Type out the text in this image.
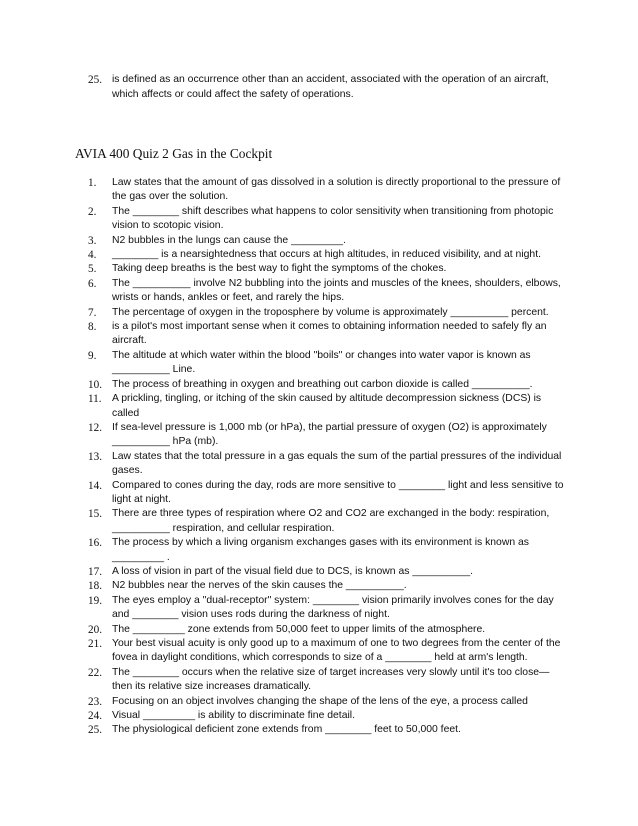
25. is defined as an occurrence other than an accident, associated with the operation of an aircraft, which affects or could affect the safety of operations.
AVIA 400 Quiz 2 Gas in the Cockpit
1.	Law states that the amount of gas dissolved in a solution is directly proportional to the pressure of the gas over the solution.
2.	The ________ shift describes what happens to color sensitivity when transitioning from photopic vision to scotopic vision.
3.	N2 bubbles in the lungs can cause the _________.
4.	________ is a nearsightedness that occurs at high altitudes, in reduced visibility, and at night.
5.	Taking deep breaths is the best way to fight the symptoms of the chokes.
6.	The __________ involve N2 bubbling into the joints and muscles of the knees, shoulders, elbows, wrists or hands, ankles or feet, and rarely the hips.
7.	The percentage of oxygen in the troposphere by volume is approximately __________ percent.
8.	is a pilot's most important sense when it comes to obtaining information needed to safely fly an aircraft.
9.	The altitude at which water within the blood "boils" or changes into water vapor is known as __________ Line.
10. The process of breathing in oxygen and breathing out carbon dioxide is called __________.
11.	A prickling, tingling, or itching of the skin caused by altitude decompression sickness (DCS) is called
12. If sea-level pressure is 1,000 mb (or hPa), the partial pressure of oxygen (O2) is approximately __________ hPa (mb).
13. Law states that the total pressure in a gas equals the sum of the partial pressures of the individual gases.
14. Compared to cones during the day, rods are more sensitive to ________ light and less sensitive to light at night.
15. There are three types of respiration where O2 and CO2 are exchanged in the body: respiration, __________ respiration, and cellular respiration.
16. The process by which a living organism exchanges gases with its environment is known as _________ .
17. A loss of vision in part of the visual field due to DCS, is known as __________.
18. N2 bubbles near the nerves of the skin causes the __________.
19. The eyes employ a "dual-receptor" system: ________ vision primarily involves cones for the day and ________ vision uses rods during the darkness of night.
20. The _________ zone extends from 50,000 feet to upper limits of the atmosphere.
21. Your best visual acuity is only good up to a maximum of one to two degrees from the center of the fovea in daylight conditions, which corresponds to size of a ________ held at arm's length.
22. The ________ occurs when the relative size of target increases very slowly until it's too close—then its relative size increases dramatically.
23. Focusing on an object involves changing the shape of the lens of the eye, a process called
24. Visual _________ is ability to discriminate fine detail.
25. The physiological deficient zone extends from ________ feet to 50,000 feet.
